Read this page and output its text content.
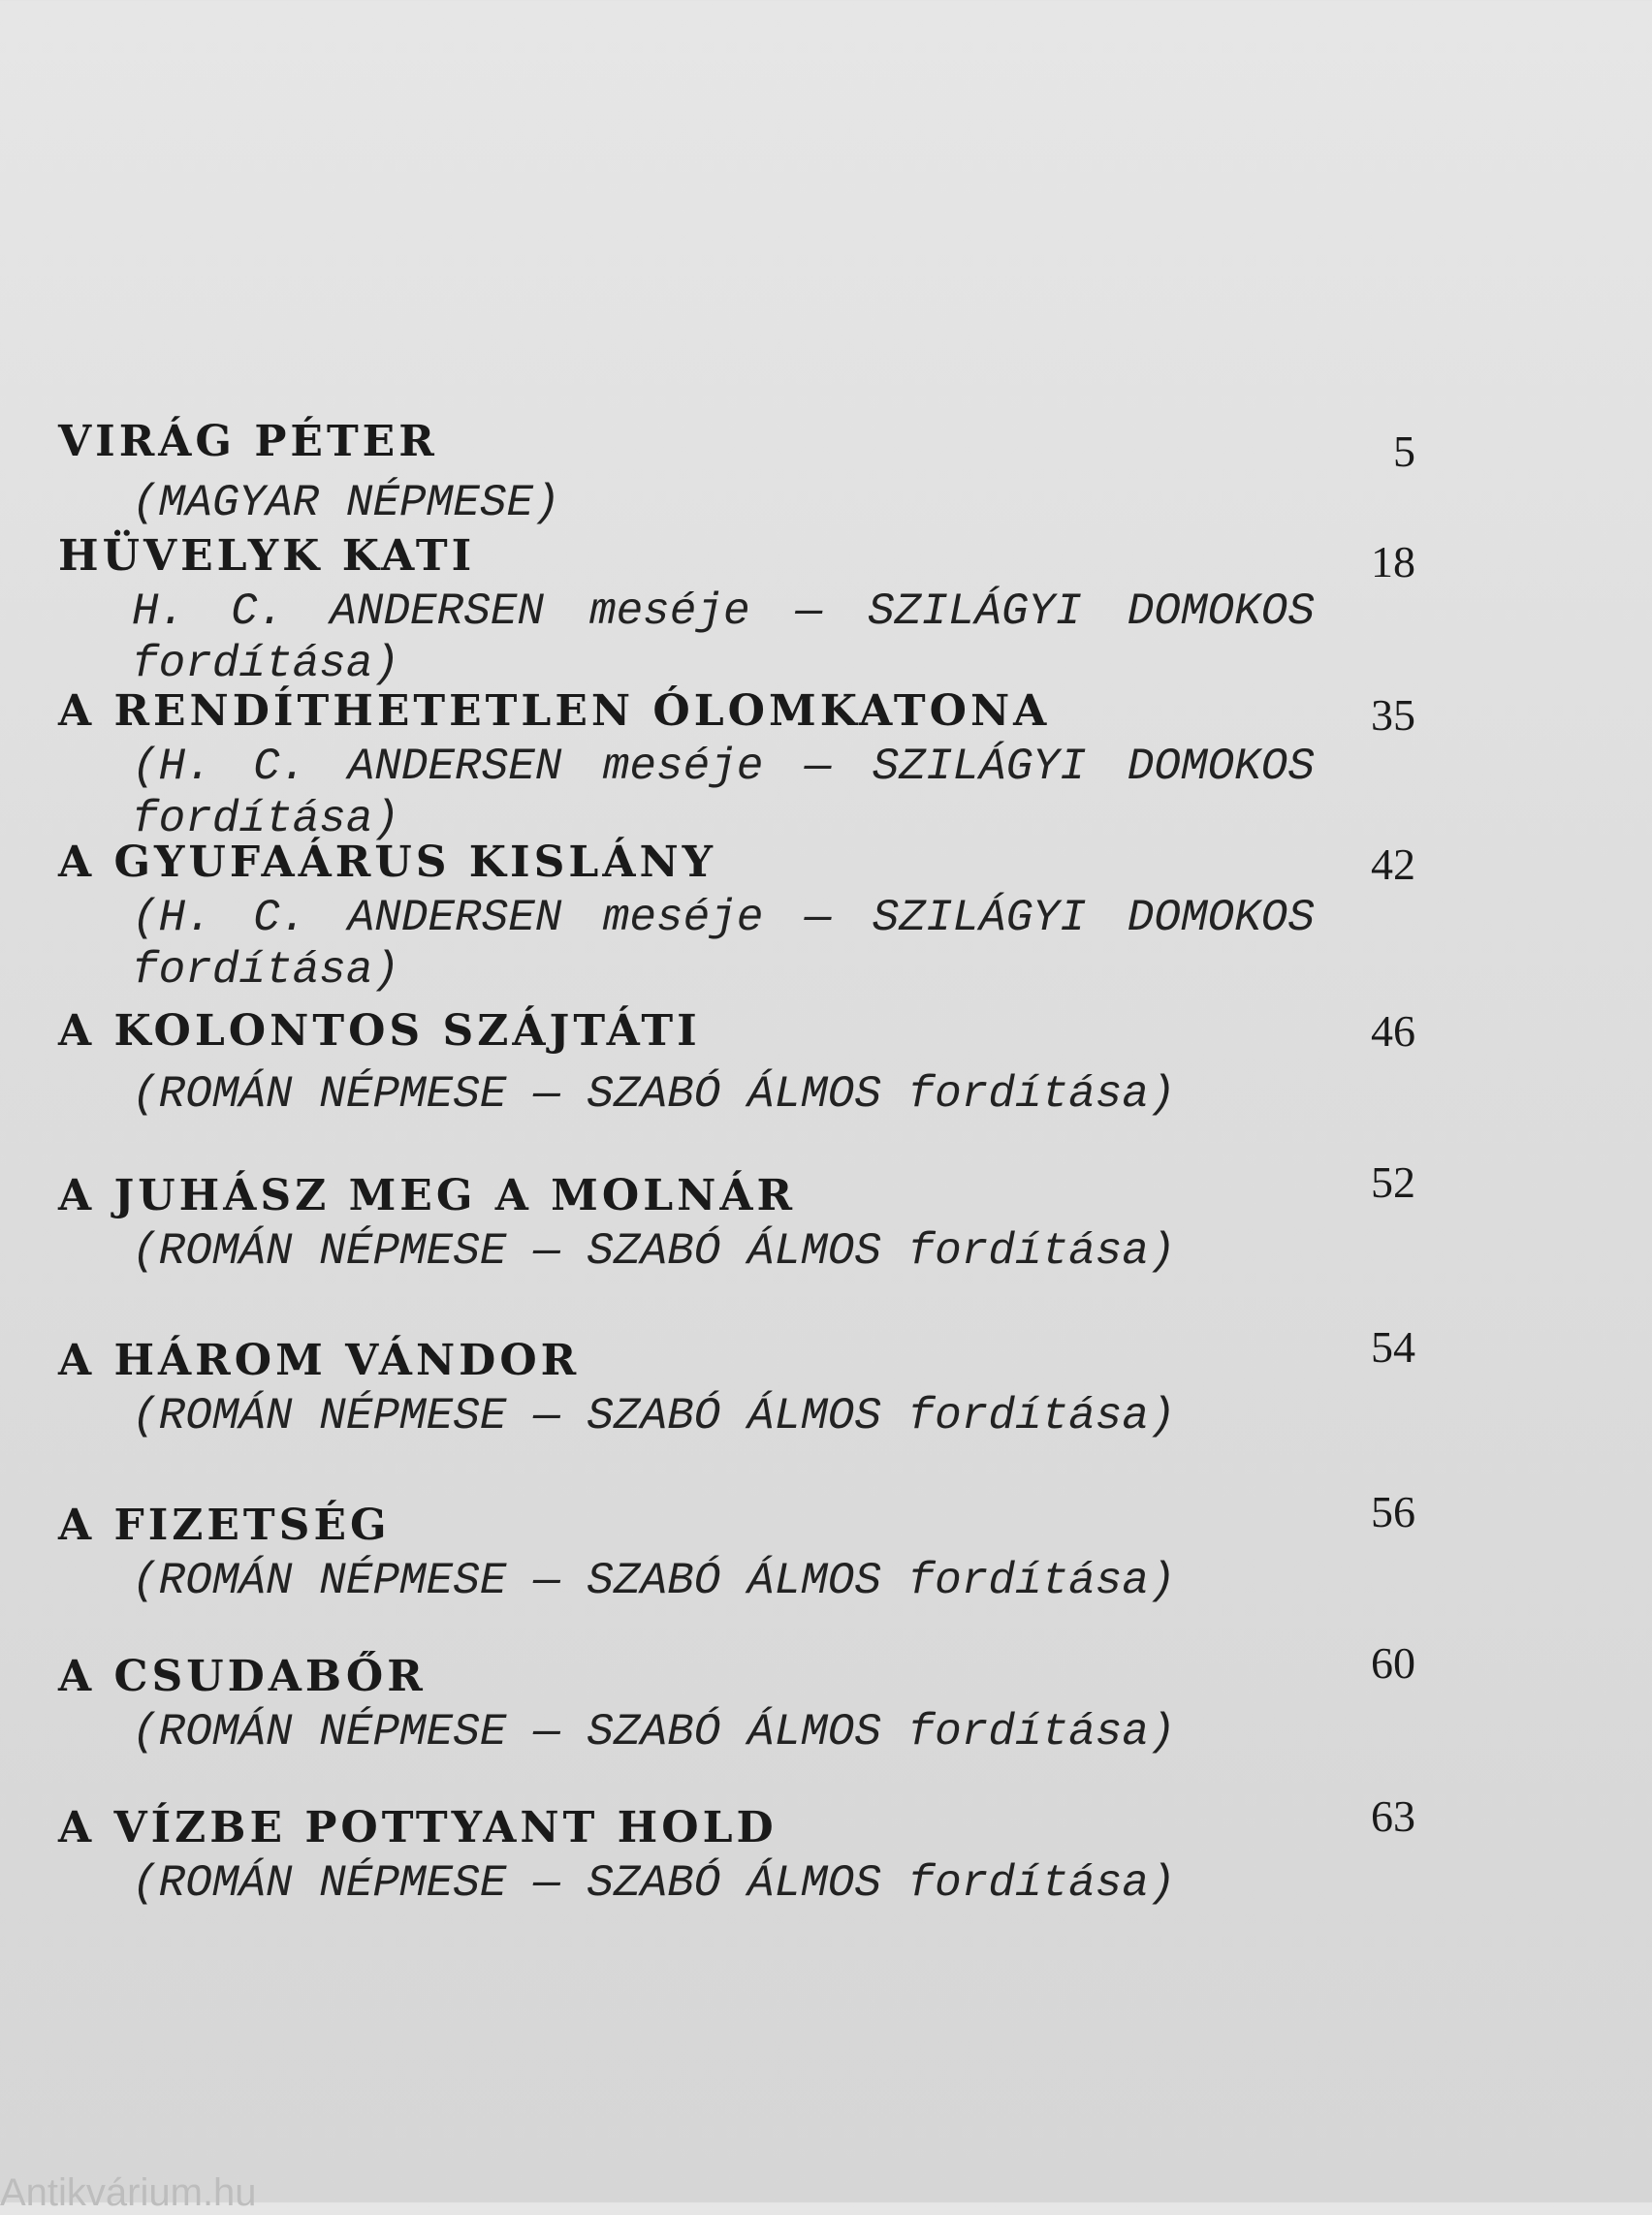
VIRÁG PÉTER
(MAGYAR NÉPMESE)
5
HÜVELYK KATI
H. C. ANDERSEN meséje — SZILÁGYI DOMOKOS fordítása)
18
A RENDÍTHETETLEN ÓLOMKATONA
(H. C. ANDERSEN meséje — SZILÁGYI DOMOKOS fordítása)
35
A GYUFAÁRUS KISLÁNY
(H. C. ANDERSEN meséje — SZILÁGYI DOMOKOS fordítása)
42
A KOLONTOS SZÁJTÁTI
(ROMÁN NÉPMESE — SZABÓ ÁLMOS fordítása)
46
A JUHÁSZ MEG A MOLNÁR
(ROMÁN NÉPMESE — SZABÓ ÁLMOS fordítása)
52
A HÁROM VÁNDOR
(ROMÁN NÉPMESE — SZABÓ ÁLMOS fordítása)
54
A FIZETSÉG
(ROMÁN NÉPMESE — SZABÓ ÁLMOS fordítása)
56
A CSUDABŐR
(ROMÁN NÉPMESE — SZABÓ ÁLMOS fordítása)
60
A VÍZBE POTTYANT HOLD
(ROMÁN NÉPMESE — SZABÓ ÁLMOS fordítása)
63
Antikvárium.hu
